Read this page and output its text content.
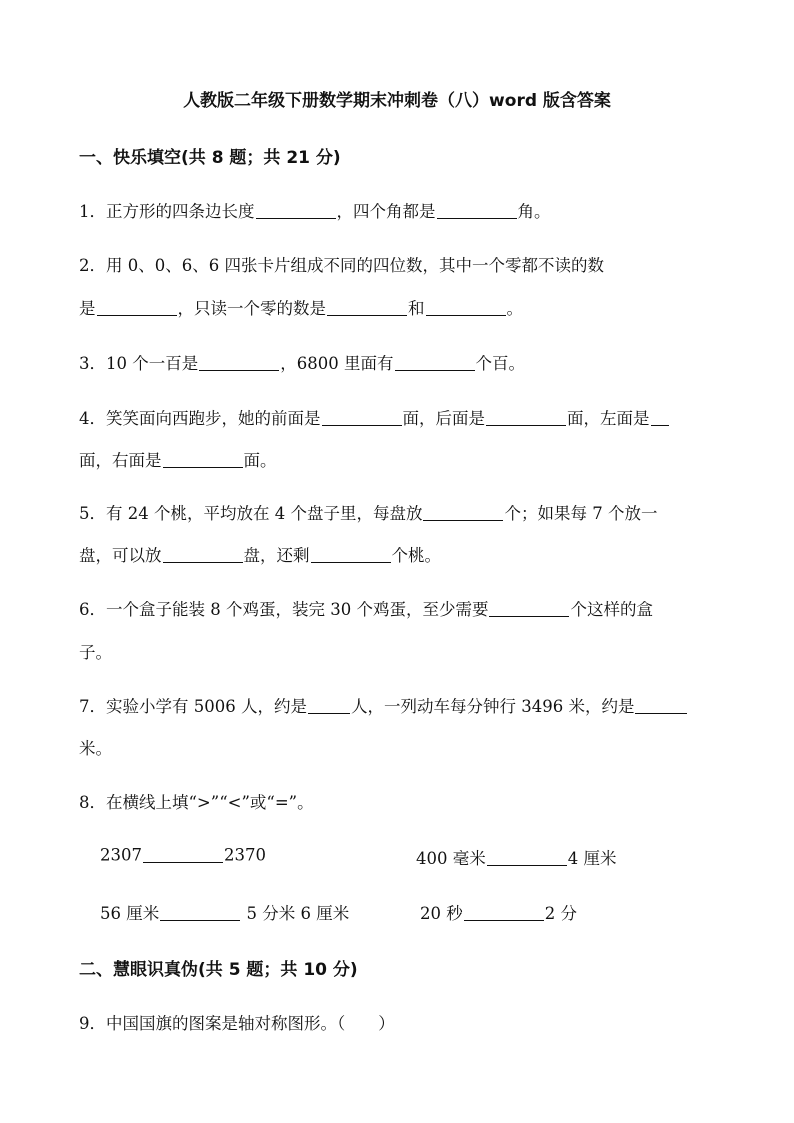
人教版二年级下册数学期末冲刺卷（八）word 版含答案
一、快乐填空(共 8 题；共 21 分)
1．正方形的四条边长度	，四个角都是	角。
2．用 0、0、6、6 四张卡片组成不同的四位数，其中一个零都不读的数
是	，只读一个零的数是	和	。
3．10 个一百是	，6800 里面有	个百。
4．笑笑面向西跑步，她的前面是	面，后面是	面，左面是
面，右面是	面。
5．有 24 个桃，平均放在 4 个盘子里，每盘放	个；如果每 7 个放一
盘，可以放	盘，还剩	个桃。
6．一个盒子能装 8 个鸡蛋，装完 30 个鸡蛋，至少需要	个这样的盒
子。
7．实验小学有 5006 人，约是	人，一列动车每分钟行 3496 米，约是
米。
8．在横线上填“>”“<”或“=”。
2307	2370	400 毫米	4 厘米
56 厘米	5 分米 6 厘米	20 秒	2 分
二、慧眼识真伪(共 5 题；共 10 分)
9．中国国旗的图案是轴对称图形。（　　）
